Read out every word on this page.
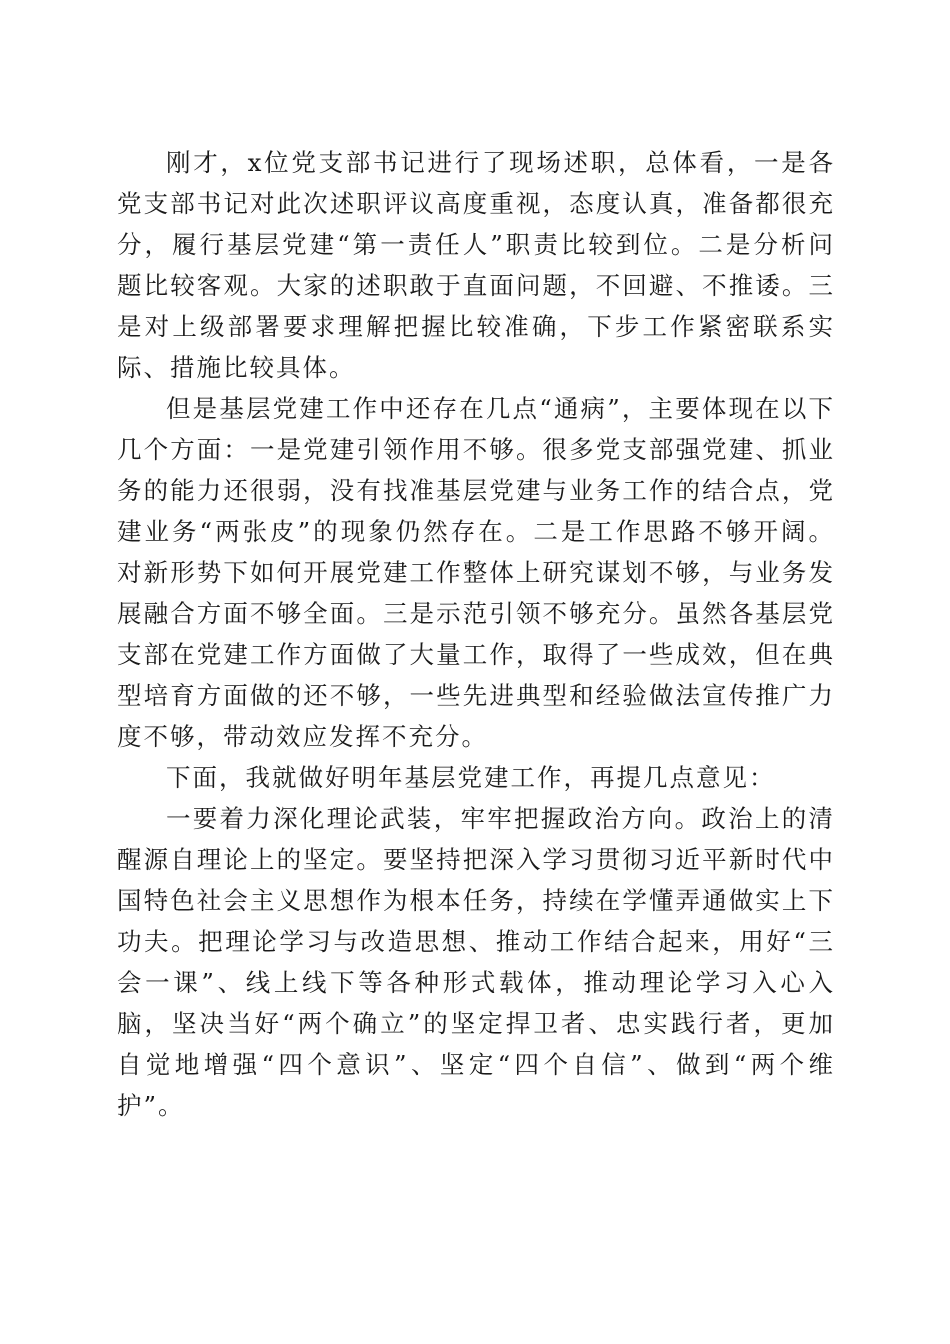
刚才，x位党支部书记进行了现场述职，总体看，一是各党支部书记对此次述职评议高度重视，态度认真，准备都很充分，履行基层党建“第一责任人”职责比较到位。二是分析问题比较客观。大家的述职敢于直面问题，不回避、不推诿。三是对上级部署要求理解把握比较准确，下步工作紧密联系实际、措施比较具体。

但是基层党建工作中还存在几点“通病”，主要体现在以下几个方面：一是党建引领作用不够。很多党支部强党建、抓业务的能力还很弱，没有找准基层党建与业务工作的结合点，党建业务“两张皮”的现象仍然存在。二是工作思路不够开阔。对新形势下如何开展党建工作整体上研究谋划不够，与业务发展融合方面不够全面。三是示范引领不够充分。虽然各基层党支部在党建工作方面做了大量工作，取得了一些成效，但在典型培育方面做的还不够，一些先进典型和经验做法宣传推广力度不够，带动效应发挥不充分。

下面，我就做好明年基层党建工作，再提几点意见：

一要着力深化理论武装，牢牢把握政治方向。政治上的清醒源自理论上的坚定。要坚持把深入学习贯彻习近平新时代中国特色社会主义思想作为根本任务，持续在学懂弄通做实上下功夫。把理论学习与改造思想、推动工作结合起来，用好“三会一课”、线上线下等各种形式载体，推动理论学习入心入脑，坚决当好“两个确立”的坚定捍卫者、忠实践行者，更加自觉地增强“四个意识”、坚定“四个自信”、做到“两个维护”。
